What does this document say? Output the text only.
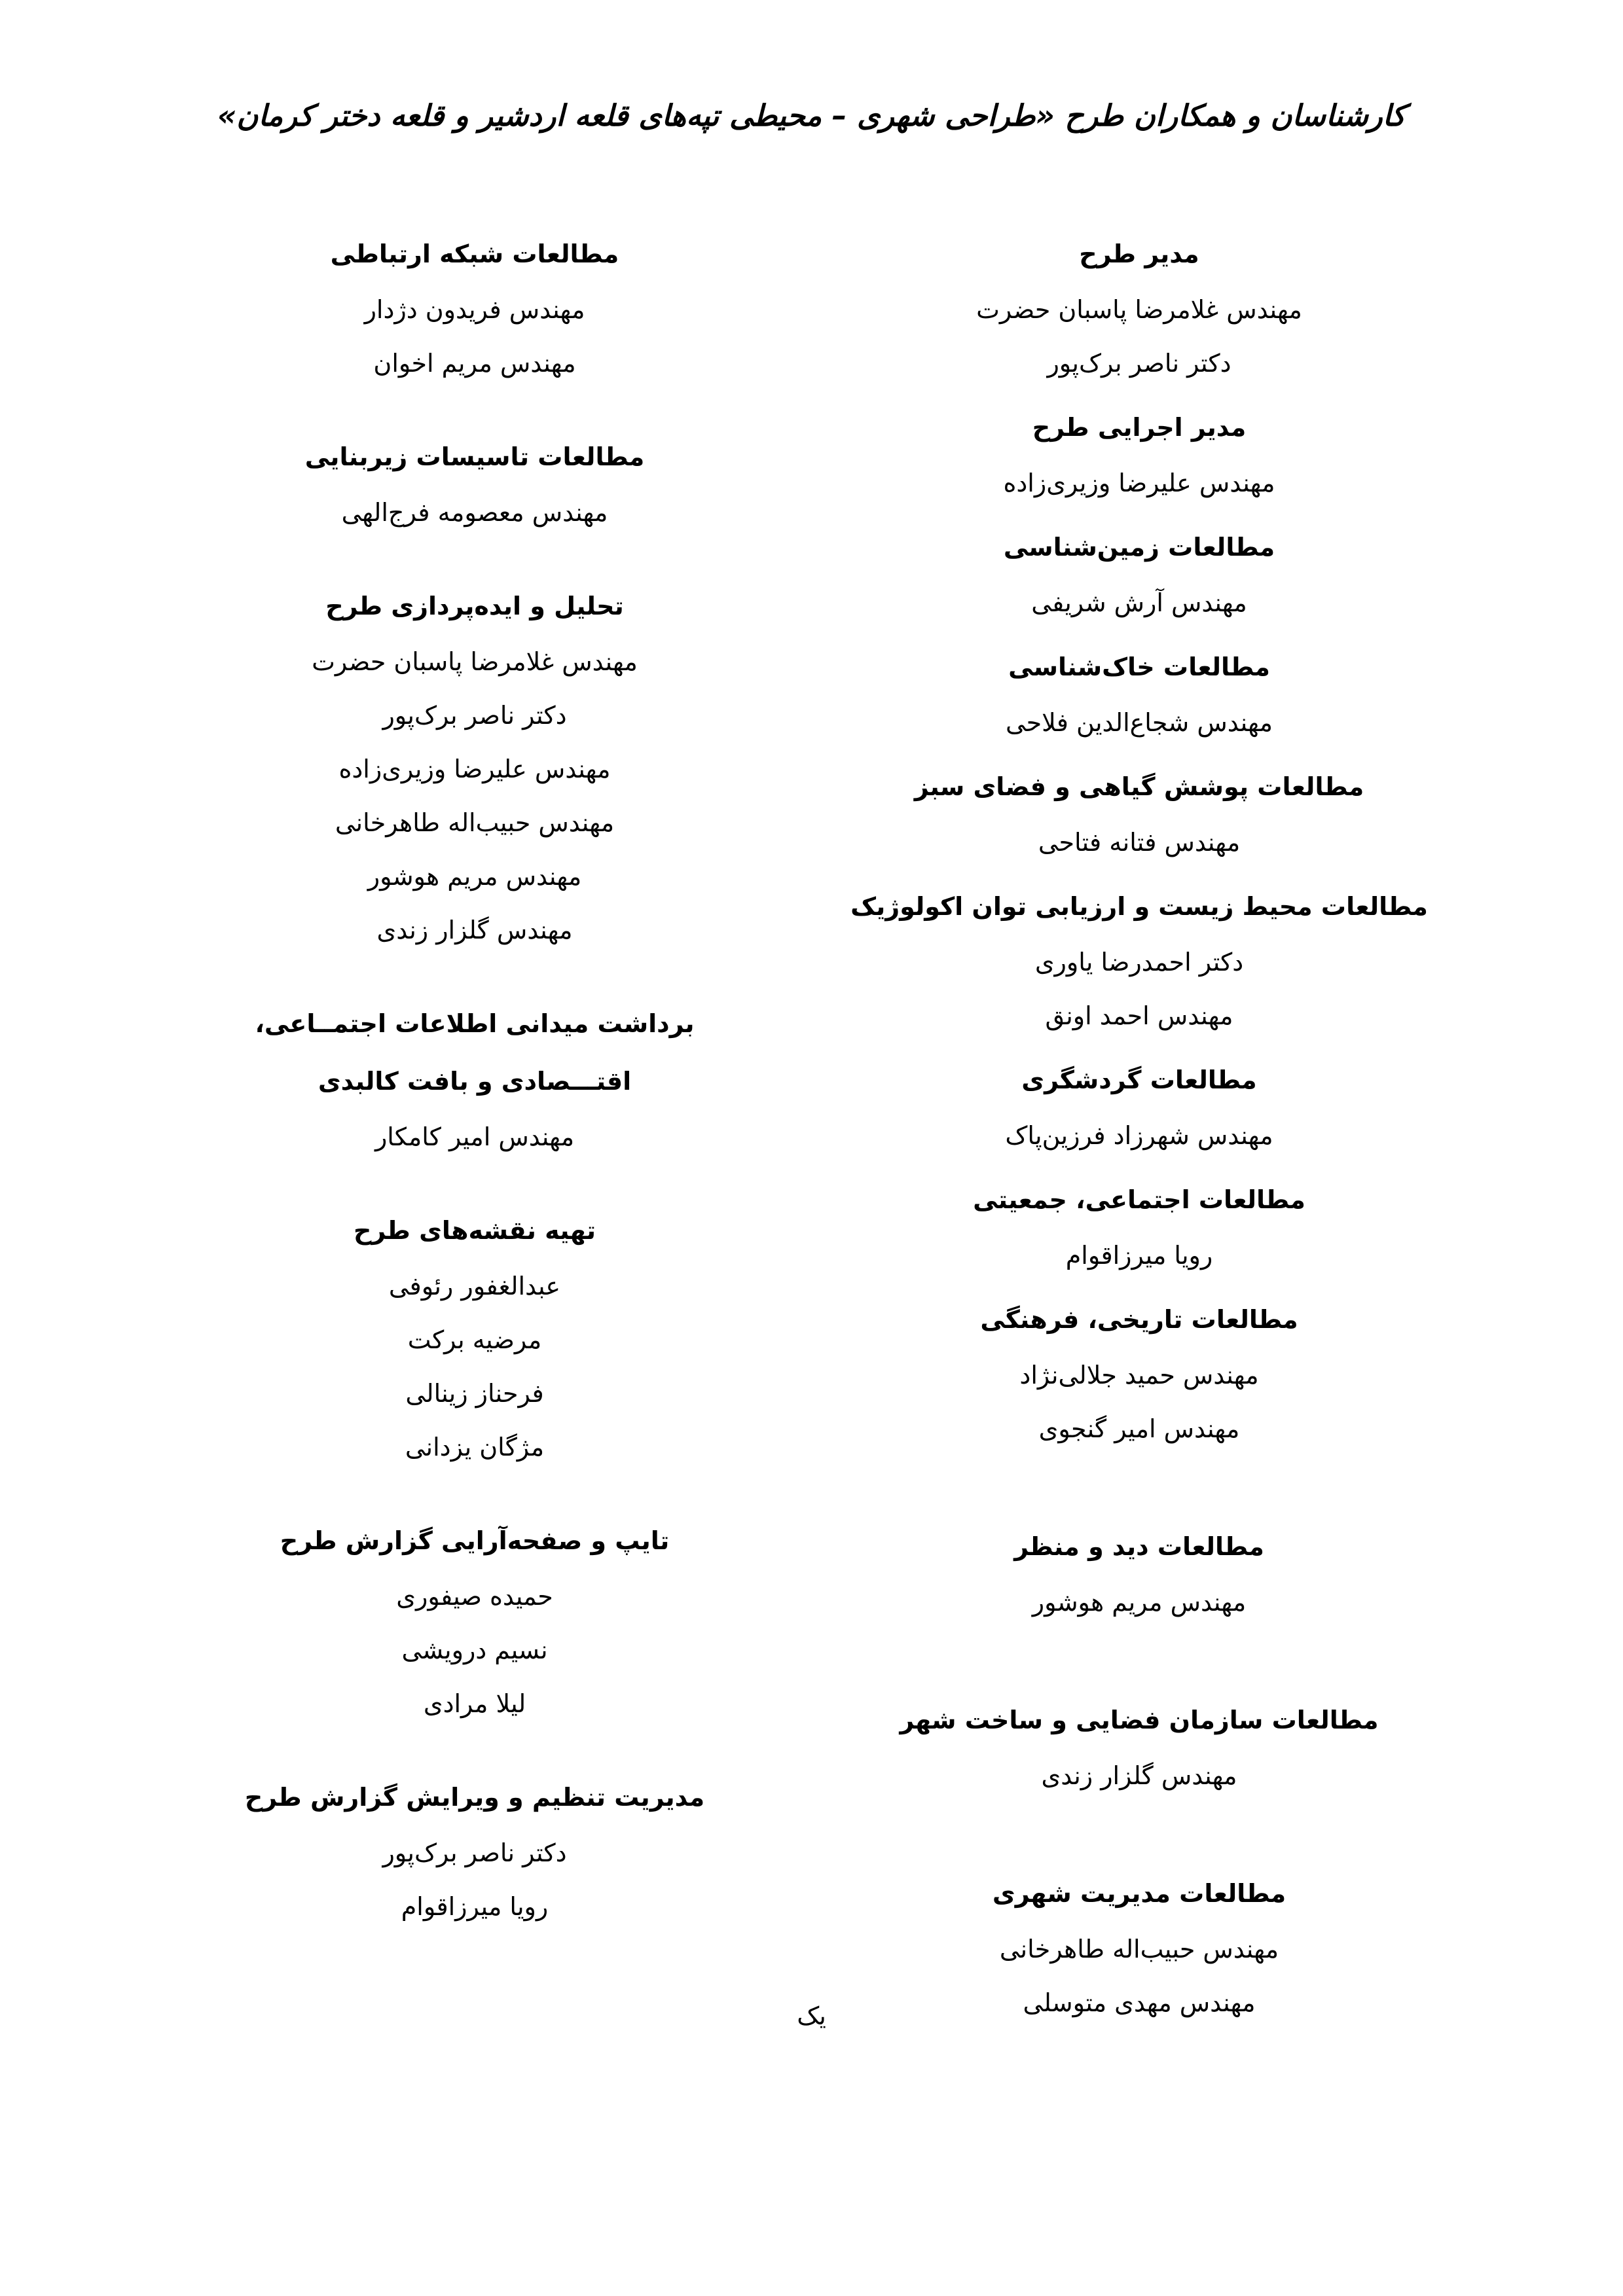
کارشناسان و همکاران طرح «طراحی شهری – محیطی تپه‌های قلعه اردشیر و قلعه دختر کرمان»
مدیر طرح
مهندس غلامرضا پاسبان حضرت
دکتر ناصر برک‌پور
مدیر اجرایی طرح
مهندس علیرضا وزیری‌زاده
مطالعات زمین‌شناسی
مهندس آرش شریفی
مطالعات خاک‌شناسی
مهندس شجاع‌الدین فلاحی
مطالعات پوشش گیاهی و فضای سبز
مهندس فتانه فتاحی
مطالعات محیط زیست و ارزیابی توان اکولوژیک
دکتر احمدرضا یاوری
مهندس احمد اونق
مطالعات گردشگری
مهندس شهرزاد فرزین‌پاک
مطالعات اجتماعی، جمعیتی
رویا میرزاقوام
مطالعات تاریخی، فرهنگی
مهندس حمید جلالی‌نژاد
مهندس امیر گنجوی
مطالعات دید و منظر
مهندس مریم هوشور
مطالعات سازمان فضایی و ساخت شهر
مهندس گلزار زندی
مطالعات مدیریت شهری
مهندس حبیب‌اله طاهرخانی
مهندس مهدی متوسلی
مطالعات شبکه ارتباطی
مهندس فریدون دژدار
مهندس مریم اخوان
مطالعات تاسیسات زیربنایی
مهندس معصومه فرج‌الهی
تحلیل و ایده‌پردازی طرح
مهندس غلامرضا پاسبان حضرت
دکتر ناصر برک‌پور
مهندس علیرضا وزیری‌زاده
مهندس حبیب‌اله طاهرخانی
مهندس مریم هوشور
مهندس گلزار زندی
برداشت میدانی اطلاعات اجتمــاعی، اقتـــصادی و بافت کالبدی
مهندس امیر کامکار
تهیه نقشه‌های طرح
عبدالغفور رئوفی
مرضیه برکت
فرحناز زینالی
مژگان یزدانی
تایپ و صفحه‌آرایی گزارش طرح
حمیده صیفوری
نسیم درویشی
لیلا مرادی
مدیریت تنظیم و ویرایش گزارش طرح
دکتر ناصر برک‌پور
رویا میرزاقوام
یک
